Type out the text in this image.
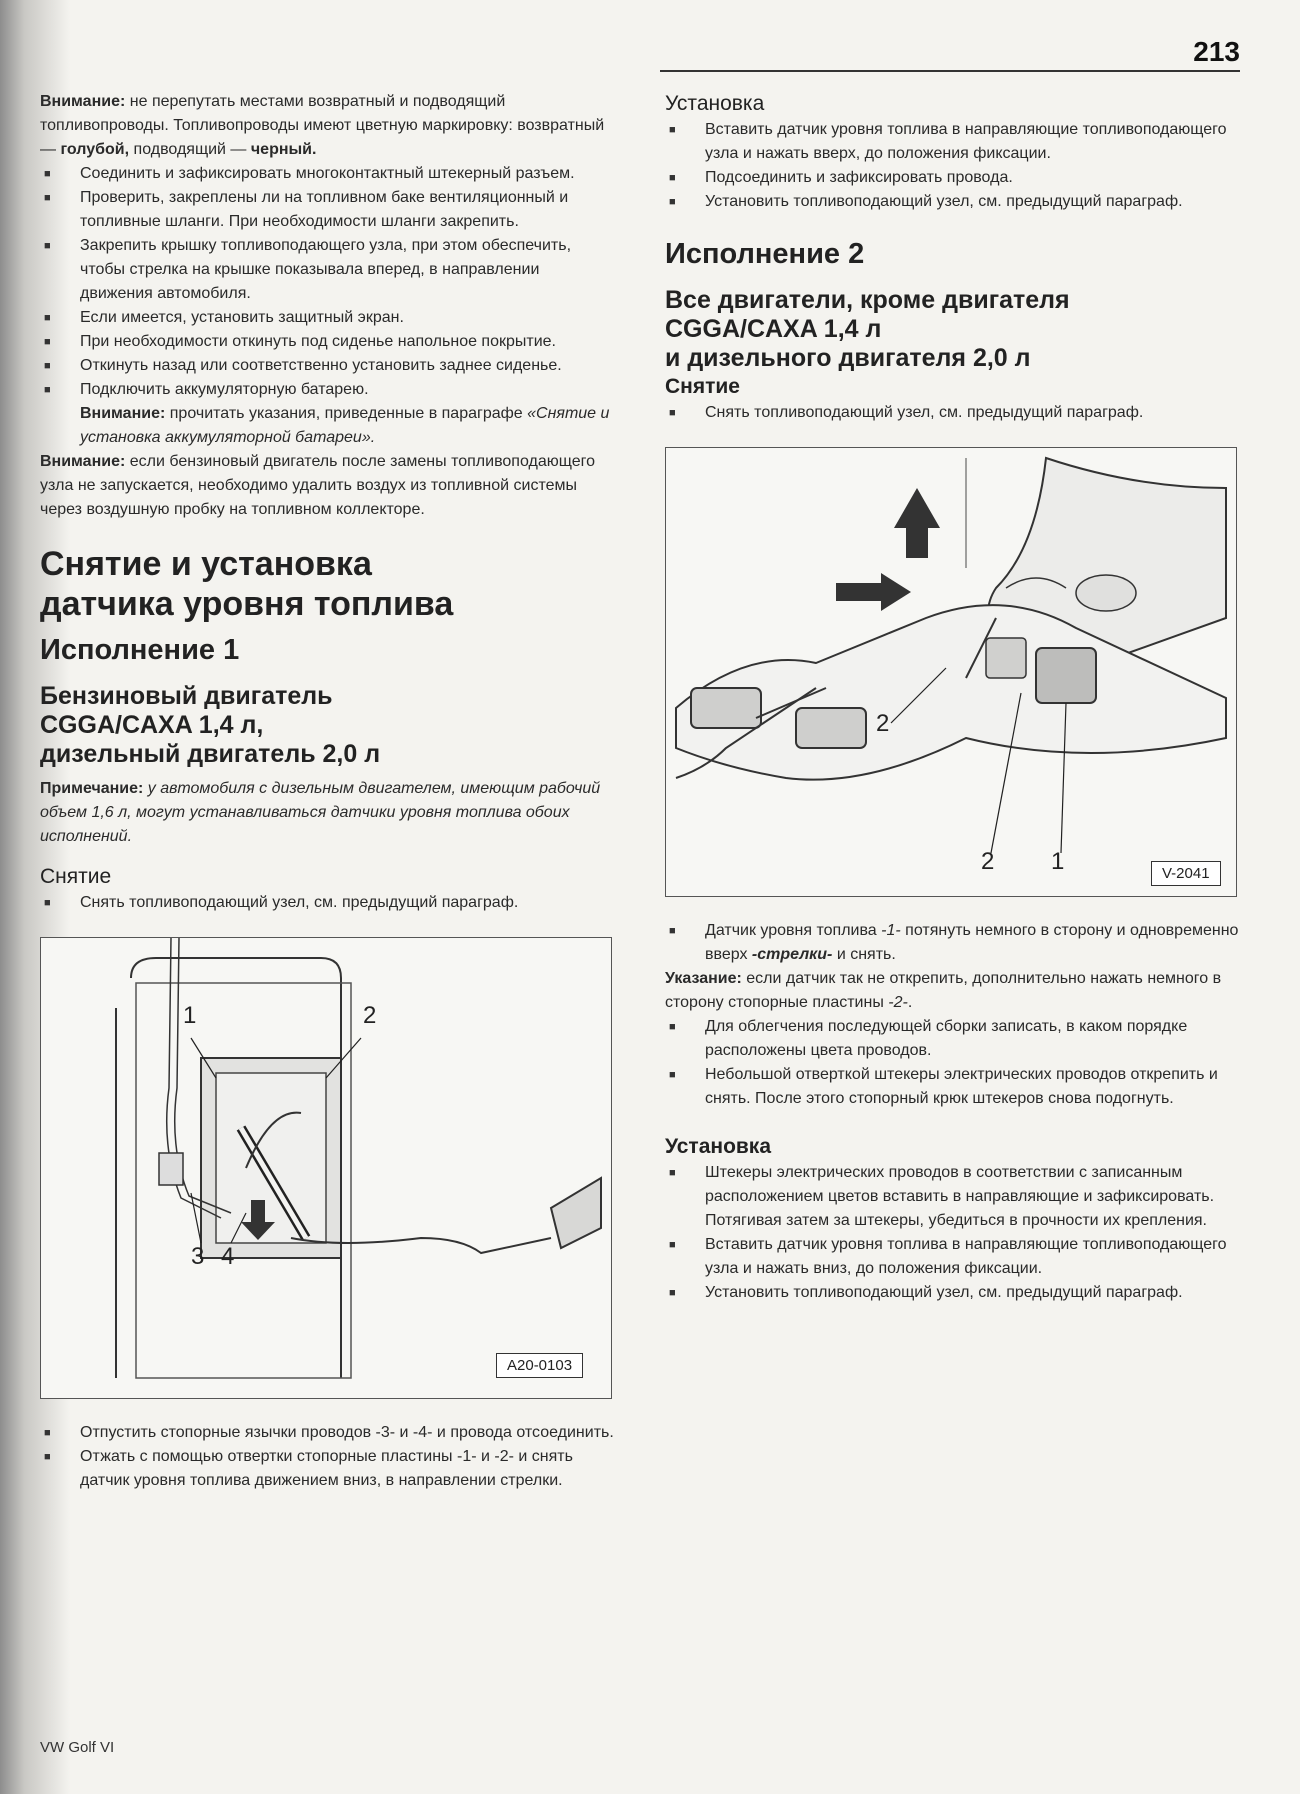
213

Внимание: не перепутать местами возвратный и подводящий топливопроводы. Топливопроводы имеют цветную маркировку: возвратный — голубой, подводящий — черный.

■ Соединить и зафиксировать многоконтактный штекерный разъем.

■ Проверить, закреплены ли на топливном баке вентиляционный и топливные шланги. При необходимости шланги закрепить.

■ Закрепить крышку топливоподающего узла, при этом обеспечить, чтобы стрелка на крышке показывала вперед, в направлении движения автомобиля.

■ Если имеется, установить защитный экран.

■ При необходимости откинуть под сиденье напольное покрытие.

■ Откинуть назад или соответственно установить заднее сиденье.

■ Подключить аккумуляторную батарею.

Внимание: прочитать указания, приведенные в параграфе «Снятие и установка аккумуляторной батареи».

Внимание: если бензиновый двигатель после замены топливоподающего узла не запускается, необходимо удалить воздух из топливной системы через воздушную пробку на топливном коллекторе.

Снятие и установка
датчика уровня топлива
Исполнение 1
Бензиновый двигатель
CGGA/CAXA 1,4 л,
дизельный двигатель 2,0 л

Примечание: у автомобиля с дизельным двигателем, имеющим рабочий объем 1,6 л, могут устанавливаться датчики уровня топлива обоих исполнений.

Снятие

■ Снять топливоподающий узел, см. предыдущий параграф.

1	2
3 4
A20-0103

■ Отпустить стопорные язычки проводов -3- и -4- и провода отсоединить.

■ Отжать с помощью отвертки стопорные пластины -1- и -2- и снять датчик уровня топлива движением вниз, в направлении стрелки.

Установка

■ Вставить датчик уровня топлива в направляющие топливоподающего узла и нажать вверх, до положения фиксации.

■ Подсоединить и зафиксировать провода.

■ Установить топливоподающий узел, см. предыдущий параграф.

Исполнение 2
Все двигатели, кроме двигателя
CGGA/CAXA 1,4 л
и дизельного двигателя 2,0 л
Снятие

■ Снять топливоподающий узел, см. предыдущий параграф.

2
2 1	V-2041

■ Датчик уровня топлива -1- потянуть немного в сторону и одновременно вверх -стрелки- и снять.

Указание: если датчик так не открепить, дополнительно нажать немного в сторону стопорные пластины -2-.

■ Для облегчения последующей сборки записать, в каком порядке расположены цвета проводов.

■ Небольшой отверткой штекеры электрических проводов открепить и снять. После этого стопорный крюк штекеров снова подогнуть.

Установка

■ Штекеры электрических проводов в соответствии с записанным расположением цветов вставить в направляющие и зафиксировать. Потягивая затем за штекеры, убедиться в прочности их крепления.

■ Вставить датчик уровня топлива в направляющие топливоподающего узла и нажать вниз, до положения фиксации.

■ Установить топливоподающий узел, см. предыдущий параграф.

VW Golf VI
